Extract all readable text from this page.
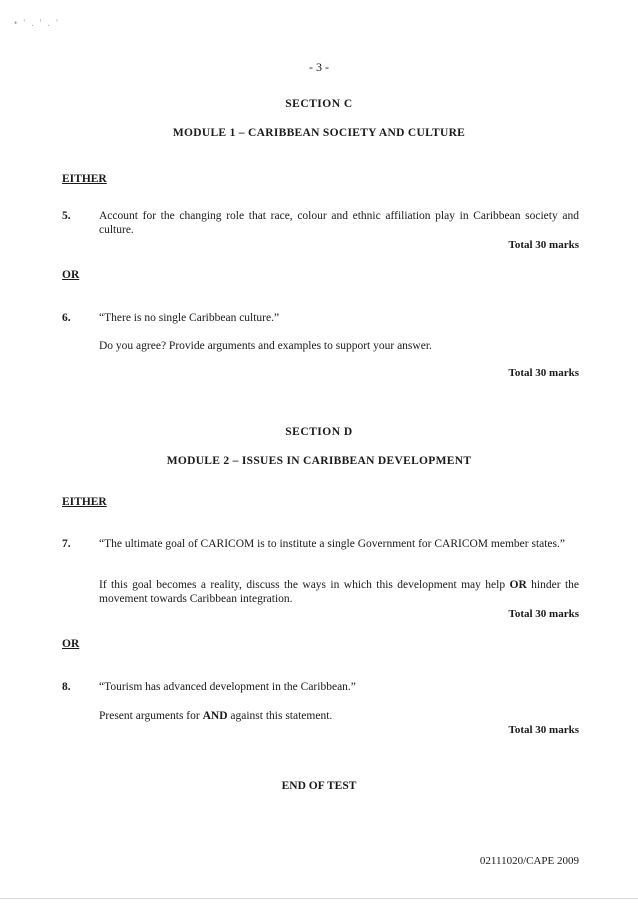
• ' . ' . '
- 3 -
SECTION C
MODULE 1 – CARIBBEAN SOCIETY AND CULTURE
EITHER
5. Account for the changing role that race, colour and ethnic affiliation play in Caribbean society and culture.
Total 30 marks
OR
6. “There is no single Caribbean culture.”
Do you agree? Provide arguments and examples to support your answer.
Total 30 marks
SECTION D
MODULE 2 – ISSUES IN CARIBBEAN DEVELOPMENT
EITHER
7. “The ultimate goal of CARICOM is to institute a single Government for CARICOM member states.”
If this goal becomes a reality, discuss the ways in which this development may help OR hinder the movement towards Caribbean integration.
Total 30 marks
OR
8. “Tourism has advanced development in the Caribbean.”
Present arguments for AND against this statement.
Total 30 marks
END OF TEST
02111020/CAPE 2009
